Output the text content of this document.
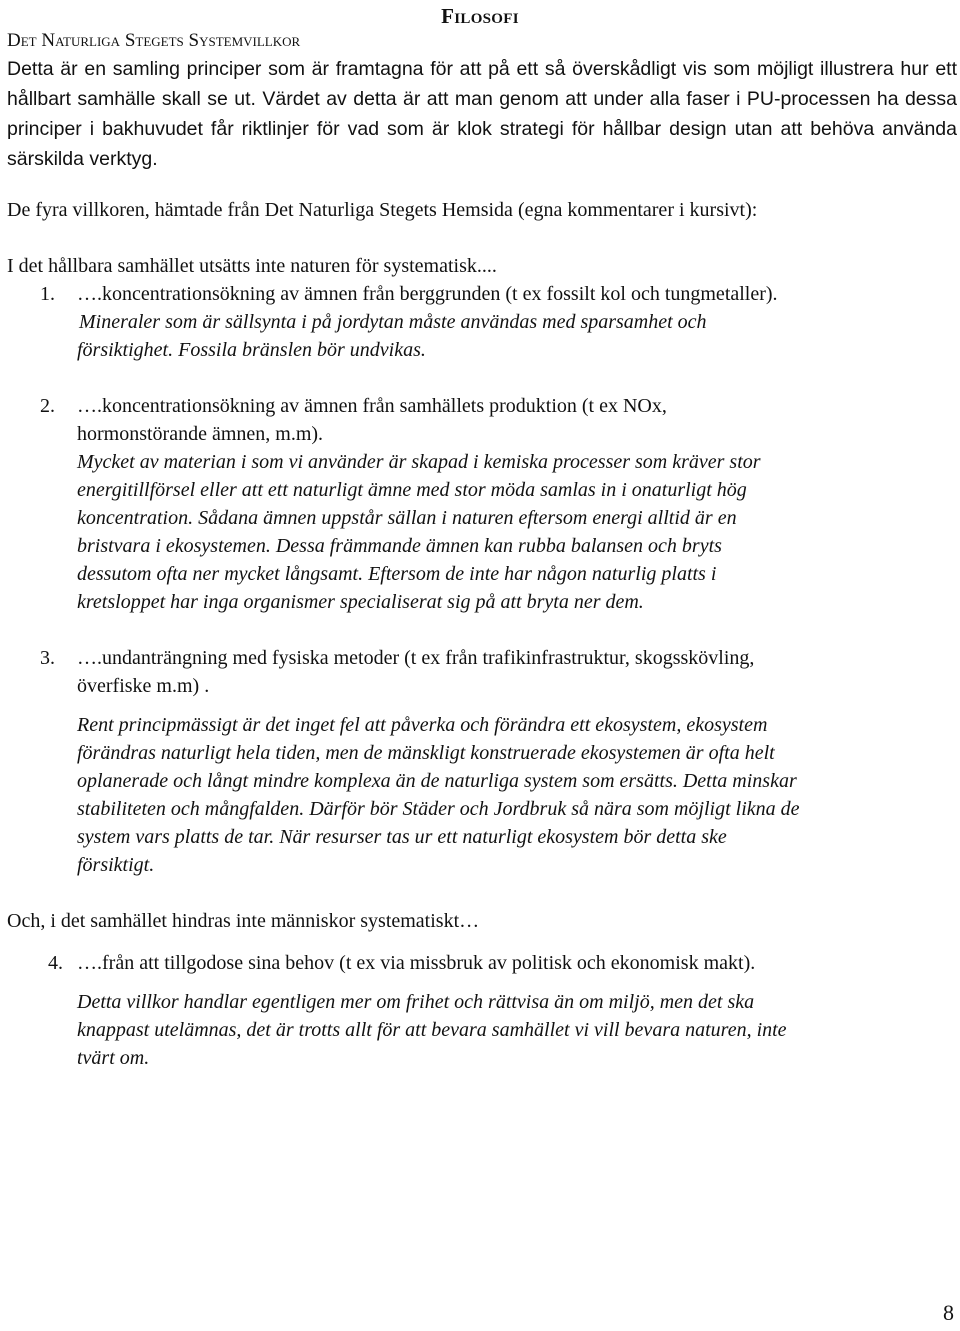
Filosofi
Det Naturliga Stegets Systemvillkor
Detta är en samling principer som är framtagna för att på ett så överskådligt vis som möjligt illustrera hur ett hållbart samhälle skall se ut. Värdet av detta är att man genom att under alla faser i PU-processen ha dessa principer i bakhuvudet får riktlinjer för vad som är klok strategi för hållbar design utan att behöva använda särskilda verktyg.
De fyra villkoren, hämtade från Det Naturliga Stegets Hemsida (egna kommentarer i kursivt):
I det hållbara samhället utsätts inte naturen för systematisk....
1. ….koncentrationsökning av ämnen från berggrunden (t ex fossilt kol och tungmetaller).
Mineraler som är sällsynta i på jordytan måste användas med sparsamhet och
försiktighet. Fossila bränslen bör undvikas.
2. ….koncentrationsökning av ämnen från samhällets produktion (t ex NOx,
hormonstörande ämnen, m.m).
Mycket av materian i som vi använder är skapad i kemiska processer som kräver stor
energitillförsel eller att ett naturligt ämne med stor möda samlas in i onaturligt hög
koncentration. Sådana ämnen uppstår sällan i naturen eftersom energi alltid är en
bristvara i ekosystemen. Dessa främmande ämnen kan rubba balansen och bryts
dessutom ofta ner mycket långsamt. Eftersom de inte har någon naturlig platts i
kretsloppet har inga organismer specialiserat sig på att bryta ner dem.
3. ….undanträngning med fysiska metoder (t ex från trafikinfrastruktur, skogsskövling,
överfiske m.m) .
Rent principmässigt är det inget fel att påverka och förändra ett ekosystem, ekosystem
förändras naturligt hela tiden, men de mänskligt konstruerade ekosystemen är ofta helt
oplanerade och långt mindre komplexa än de naturliga system som ersätts. Detta minskar
stabiliteten och mångfalden. Därför bör Städer och Jordbruk så nära som möjligt likna de
system vars platts de tar. När resurser tas ur ett naturligt ekosystem bör detta ske
försiktigt.
Och, i det samhället hindras inte människor systematiskt…
4. ….från att tillgodose sina behov (t ex via missbruk av politisk och ekonomisk makt).
Detta villkor handlar egentligen mer om frihet och rättvisa än om miljö, men det ska
knappast utelämnas, det är trotts allt för att bevara samhället vi vill bevara naturen, inte
tvärt om.
8
